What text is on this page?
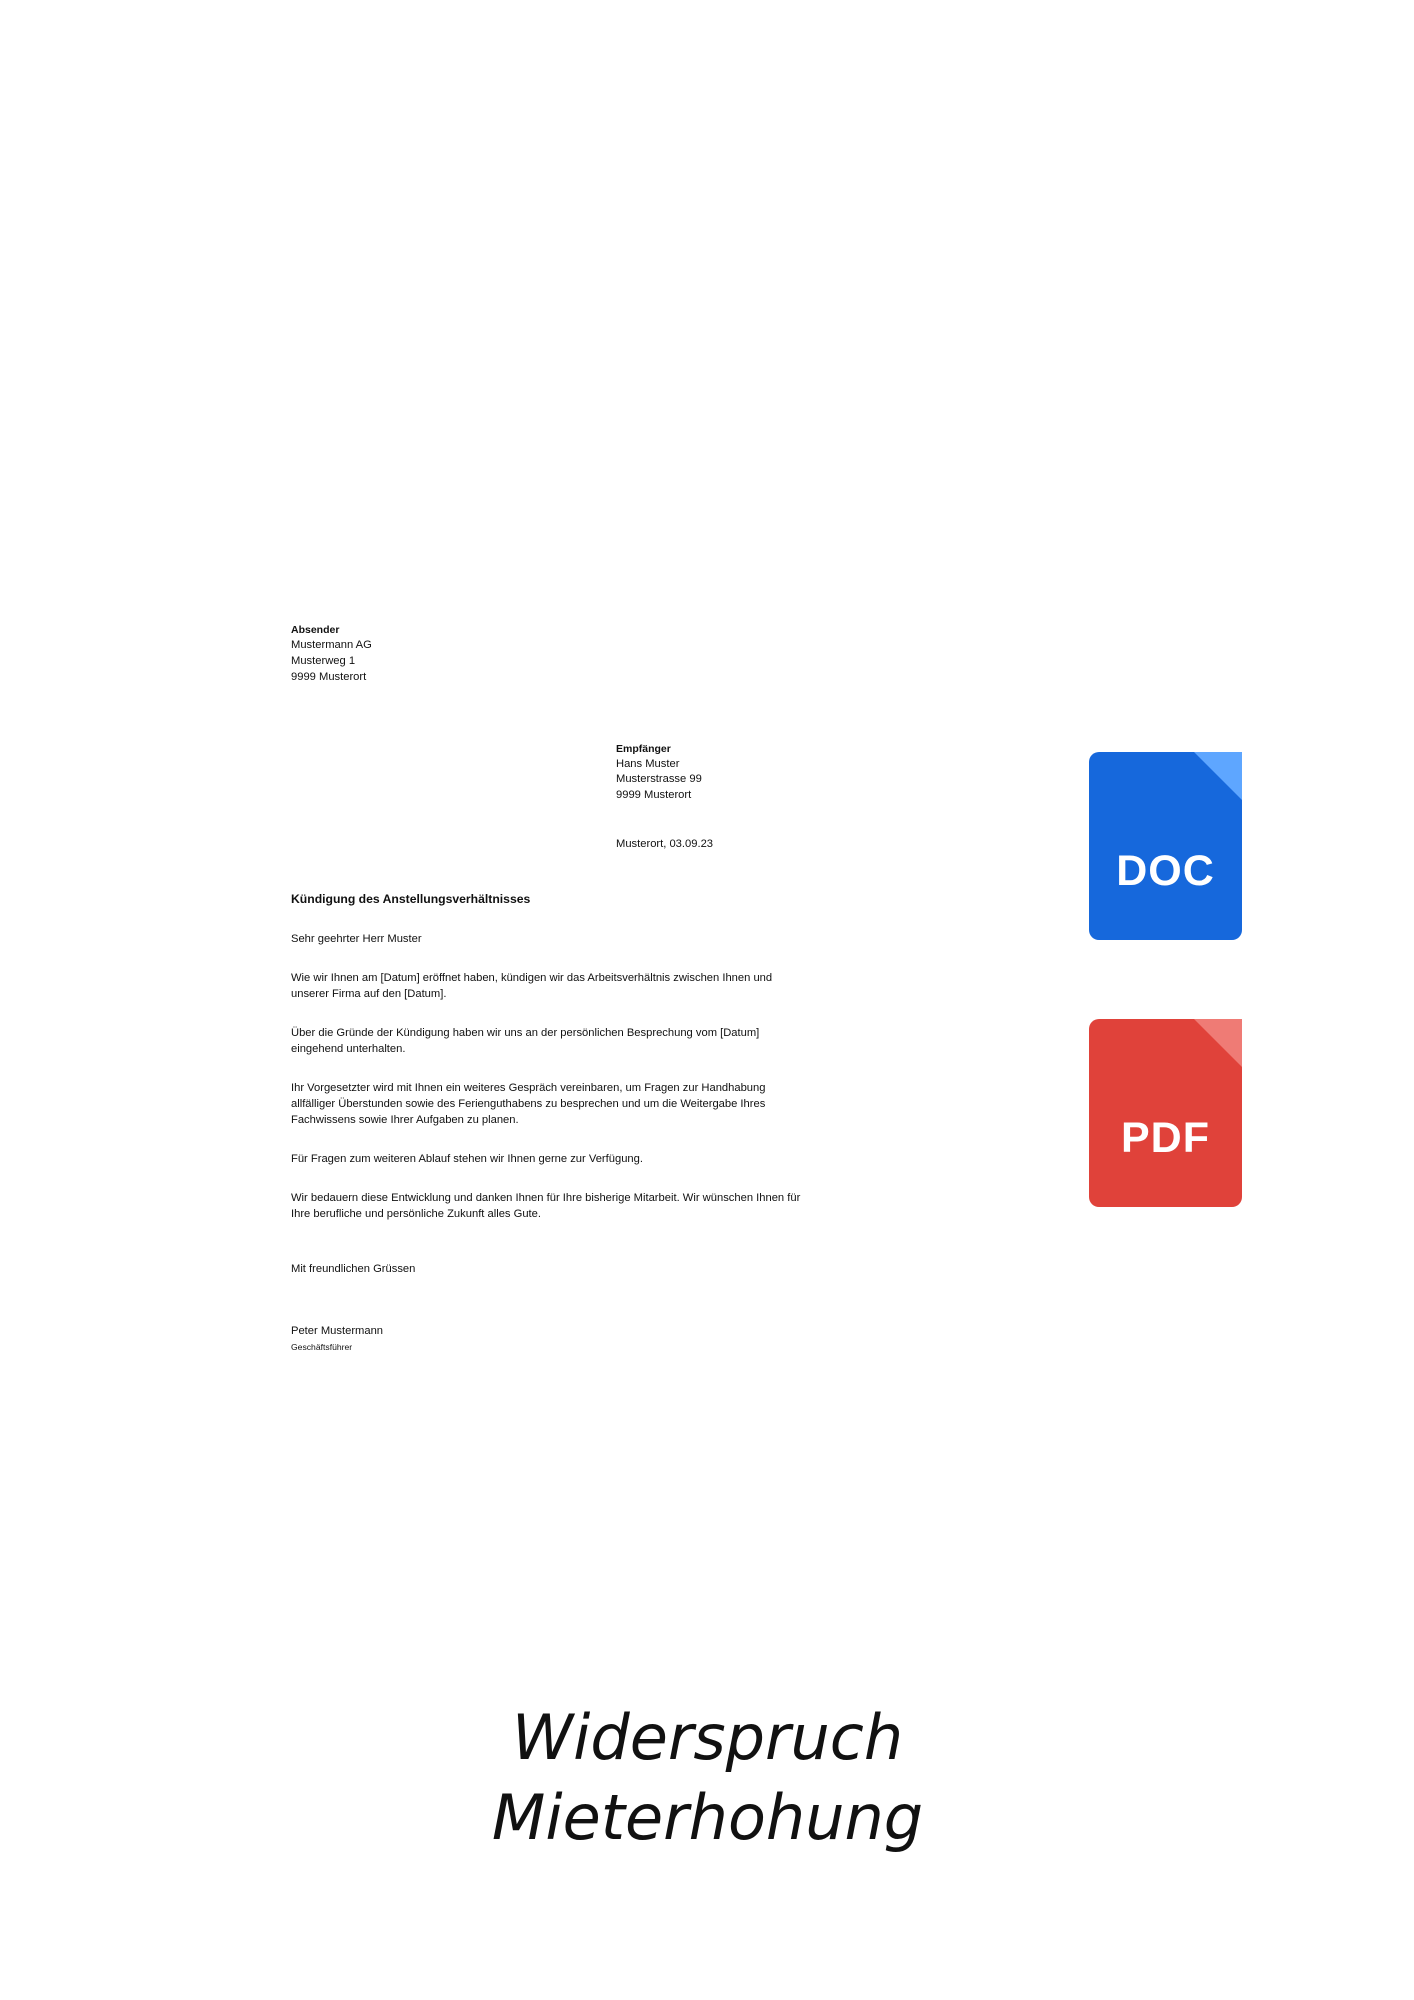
MUSTER - VORLAGE
Absender
Mustermann AG
Musterweg 1
9999 Musterort
Empfänger
Hans Muster
Musterstrasse 99
9999 Musterort
Musterort, 03.09.23
Kündigung des Anstellungsverhältnisses
Sehr geehrter Herr Muster
Wie wir Ihnen am [Datum] eröffnet haben, kündigen wir das Arbeitsverhältnis zwischen Ihnen und unserer Firma auf den [Datum].
Über die Gründe der Kündigung haben wir uns an der persönlichen Besprechung vom [Datum] eingehend unterhalten.
Ihr Vorgesetzter wird mit Ihnen ein weiteres Gespräch vereinbaren, um Fragen zur Handhabung allfälliger Überstunden sowie des Ferienguthabens zu besprechen und um die Weitergabe Ihres Fachwissens sowie Ihrer Aufgaben zu planen.
Für Fragen zum weiteren Ablauf stehen wir Ihnen gerne zur Verfügung.
Wir bedauern diese Entwicklung und danken Ihnen für Ihre bisherige Mitarbeit. Wir wünschen Ihnen für Ihre berufliche und persönliche Zukunft alles Gute.
Mit freundlichen Grüssen
Peter Mustermann
Geschäftsführer
DOC
PDF
Widerspruch
Mieterhohung
